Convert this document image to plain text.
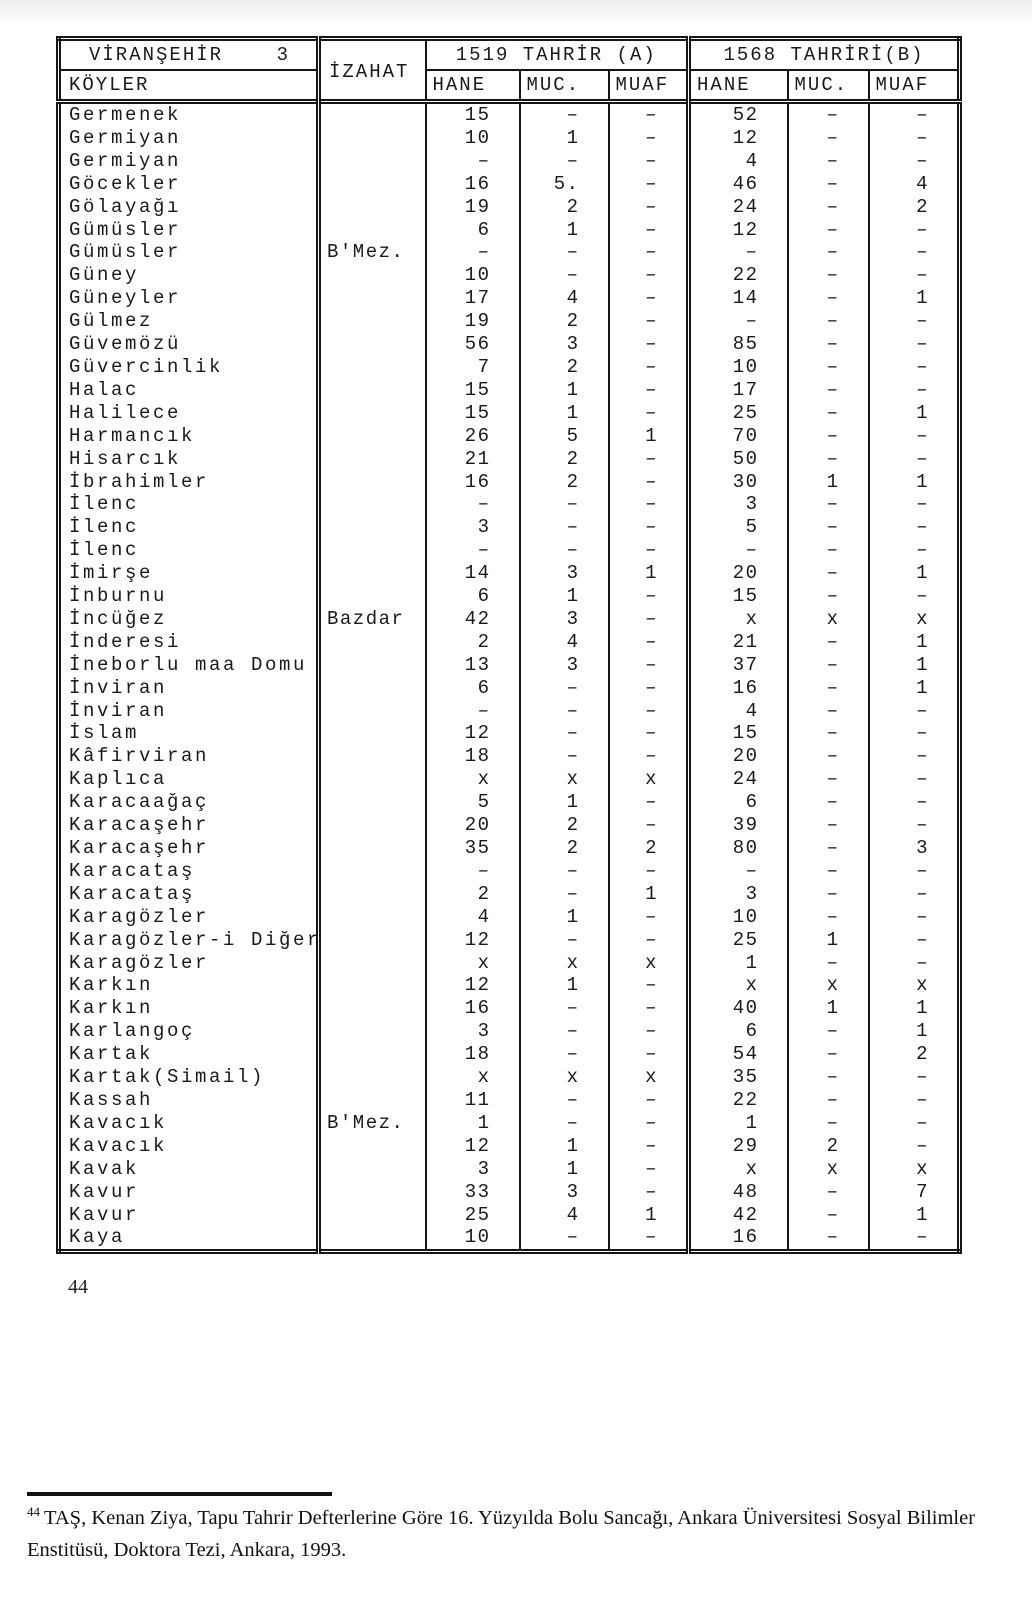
VİRANŞEHİR    3	İZAHAT	1519 TAHRİR (A)			1568 TAHRİRİ(B)		
KÖYLER		HANE	MUC.	MUAF	HANE	MUC.	MUAF
Germenek		15	–	–	52	–	–
Germiyan		10	1	–	12	–	–
Germiyan		–	–	–	4	–	–
Göcekler		16	5.	–	46	–	4
Gölayağı		19	2	–	24	–	2
Gümüsler		6	1	–	12	–	–
Gümüsler	B'Mez.	–	–	–	–	–	–
Güney		10	–	–	22	–	–
Güneyler		17	4	–	14	–	1
Gülmez		19	2	–	–	–	–
Güvemözü		56	3	–	85	–	–
Güvercinlik		7	2	–	10	–	–
Halac		15	1	–	17	–	–
Halilece		15	1	–	25	–	1
Harmancık		26	5	1	70	–	–
Hisarcık		21	2	–	50	–	–
İbrahimler		16	2	–	30	1	1
İlenc		–	–	–	3	–	–
İlenc		3	–	–	5	–	–
İlenc		–	–	–	–	–	–
İmirşe		14	3	1	20	–	1
İnburnu		6	1	–	15	–	–
İncüğez	Bazdar	42	3	–	x	x	x
İnderesi		2	4	–	21	–	1
İneborlu maa Domu		13	3	–	37	–	1
İnviran		6	–	–	16	–	1
İnviran		–	–	–	4	–	–
İslam		12	–	–	15	–	–
Kâfirviran		18	–	–	20	–	–
Kaplıca		x	x	x	24	–	–
Karacaağaç		5	1	–	6	–	–
Karacaşehr		20	2	–	39	–	–
Karacaşehr		35	2	2	80	–	3
Karacataş		–	–	–	–	–	–
Karacataş		2	–	1	3	–	–
Karagözler		4	1	–	10	–	–
Karagözler-i Diğer		12	–	–	25	1	–
Karagözler		x	x	x	1	–	–
Karkın		12	1	–	x	x	x
Karkın		16	–	–	40	1	1
Karlangoç		3	–	–	6	–	1
Kartak		18	–	–	54	–	2
Kartak(Simail)		x	x	x	35	–	–
Kassah		11	–	–	22	–	–
Kavacık	B'Mez.	1	–	–	1	–	–
Kavacık		12	1	–	29	2	–
Kavak		3	1	–	x	x	x
Kavur		33	3	–	48	–	7
Kavur		25	4	1	42	–	1
Kaya		10	–	–	16	–	–
44

$^{44}$ TAŞ, Kenan Ziya, Tapu Tahrir Defterlerine Göre 16. Yüzyılda Bolu Sancağı, Ankara Üniversitesi Sosyal Bilimler Enstitüsü, Doktora Tezi, Ankara, 1993.
